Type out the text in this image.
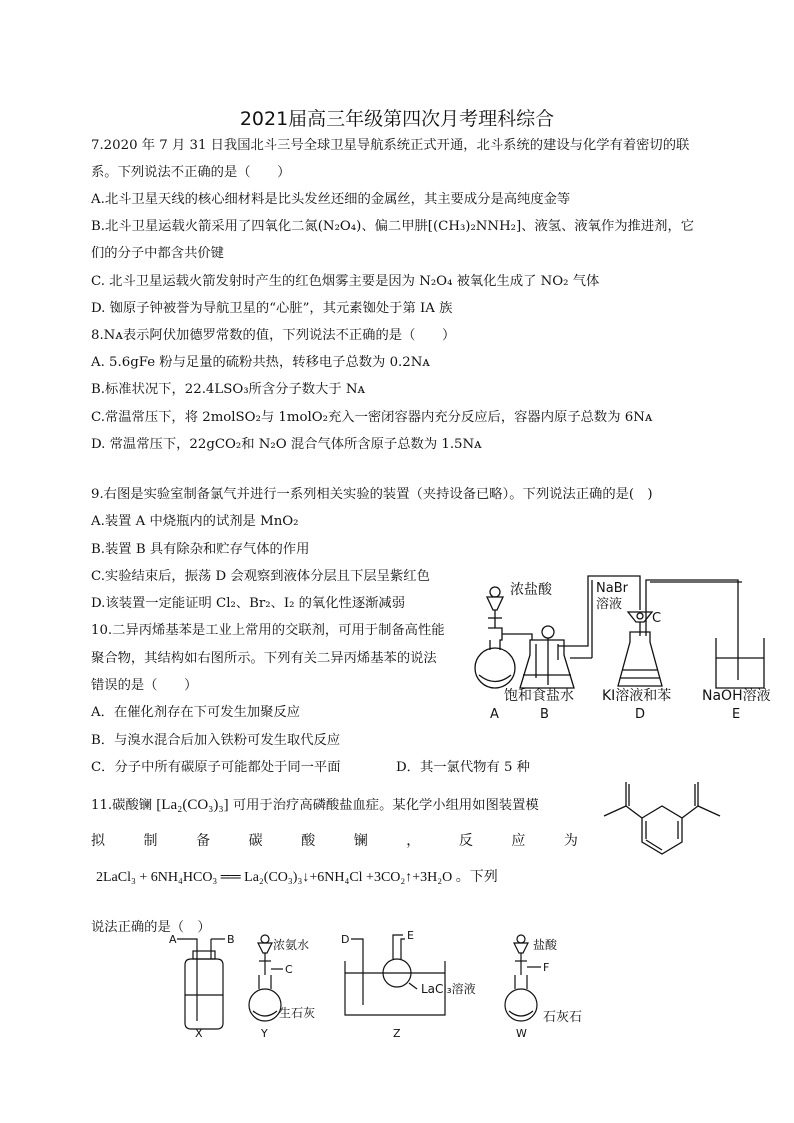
2021届高三年级第四次月考理科综合
7.2020 年 7 月 31 日我国北斗三号全球卫星导航系统正式开通，北斗系统的建设与化学有着密切的联
系。下列说法不正确的是（　　）
A.北斗卫星天线的核心细材料是比头发丝还细的金属丝，其主要成分是高纯度金等
B.北斗卫星运载火箭采用了四氧化二氮(N₂O₄)、偏二甲肼[(CH₃)₂NNH₂]、液氢、液氧作为推进剂，它
们的分子中都含共价键
C. 北斗卫星运载火箭发射时产生的红色烟雾主要是因为 N₂O₄ 被氧化生成了 NO₂ 气体
D. 铷原子钟被誉为导航卫星的“心脏”，其元素铷处于第 IA 族
8.Nᴀ表示阿伏加德罗常数的值，下列说法不正确的是（　　）
A. 5.6gFe 粉与足量的硫粉共热，转移电子总数为 0.2Nᴀ
B.标准状况下，22.4LSO₃所含分子数大于 Nᴀ
C.常温常压下，将 2molSO₂与 1molO₂充入一密闭容器内充分反应后，容器内原子总数为 6Nᴀ
D. 常温常压下，22gCO₂和 N₂O 混合气体所含原子总数为 1.5Nᴀ
9.右图是实验室制备氯气并进行一系列相关实验的装置（夹持设备已略）。下列说法正确的是(　)
A.装置 A 中烧瓶内的试剂是 MnO₂
B.装置 B 具有除杂和贮存气体的作用
C.实验结束后，振荡 D 会观察到液体分层且下层呈紫红色
D.该装置一定能证明 Cl₂、Br₂、I₂ 的氧化性逐渐减弱
10.二异丙烯基苯是工业上常用的交联剂，可用于制备高性能
聚合物，其结构如右图所示。下列有关二异丙烯基苯的说法
错误的是（　　）
A．在催化剂存在下可发生加聚反应
B．与溴水混合后加入铁粉可发生取代反应
C．分子中所有碳原子可能都处于同一平面	D．其一氯代物有 5 种
11.碳酸镧 [La₂(CO₃)₃] 可用于治疗高磷酸盐血症。某化学小组用如图装置模
拟	制	备	碳	酸	镧	，	反	应	为
2LaCl₃ + 6NH₄HCO₃ ══ La₂(CO₃)₃↓+6NH₄Cl +3CO₂↑+3H₂O 。下列
说法正确的是（　）
浓盐酸	NaBr
溶液
C
饱和食盐水 KI溶液和苯 NaOH溶液
A	B	D	E
A	B	浓氨水
C
生石灰
D	E
LaCl₃溶液
盐酸
F
石灰石
X	Y	Z	W
